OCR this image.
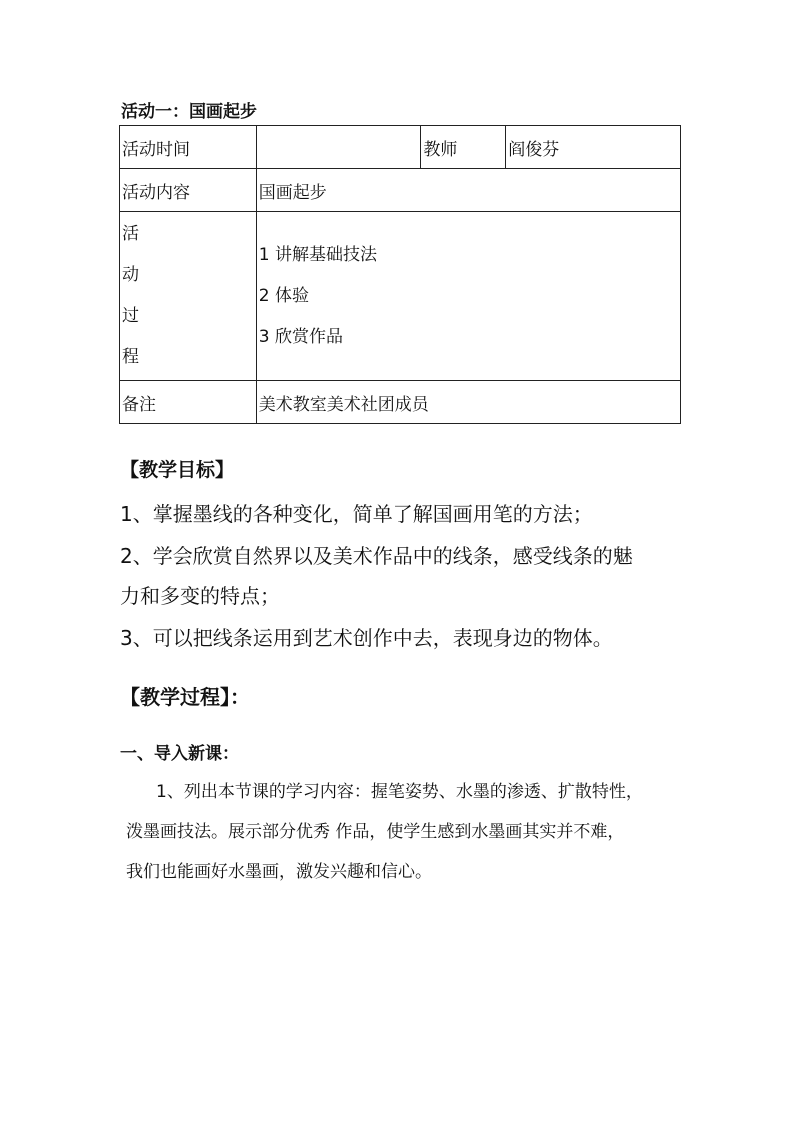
活动一：国画起步
活动时间		教师	阎俊芬
活动内容	国画起步		

活
动
过
程	1 讲解基础技法
2 体验
3 欣赏作品		

备注	美术教室美术社团成员		
【教学目标】
1、掌握墨线的各种变化，简单了解国画用笔的方法；
2、学会欣赏自然界以及美术作品中的线条，感受线条的魅
力和多变的特点；
3、可以把线条运用到艺术创作中去，表现身边的物体。
【教学过程】：
一、导入新课：
1、列出本节课的学习内容：握笔姿势、水墨的渗透、扩散特性，
泼墨画技法。展示部分优秀 作品，使学生感到水墨画其实并不难，
我们也能画好水墨画，激发兴趣和信心。
